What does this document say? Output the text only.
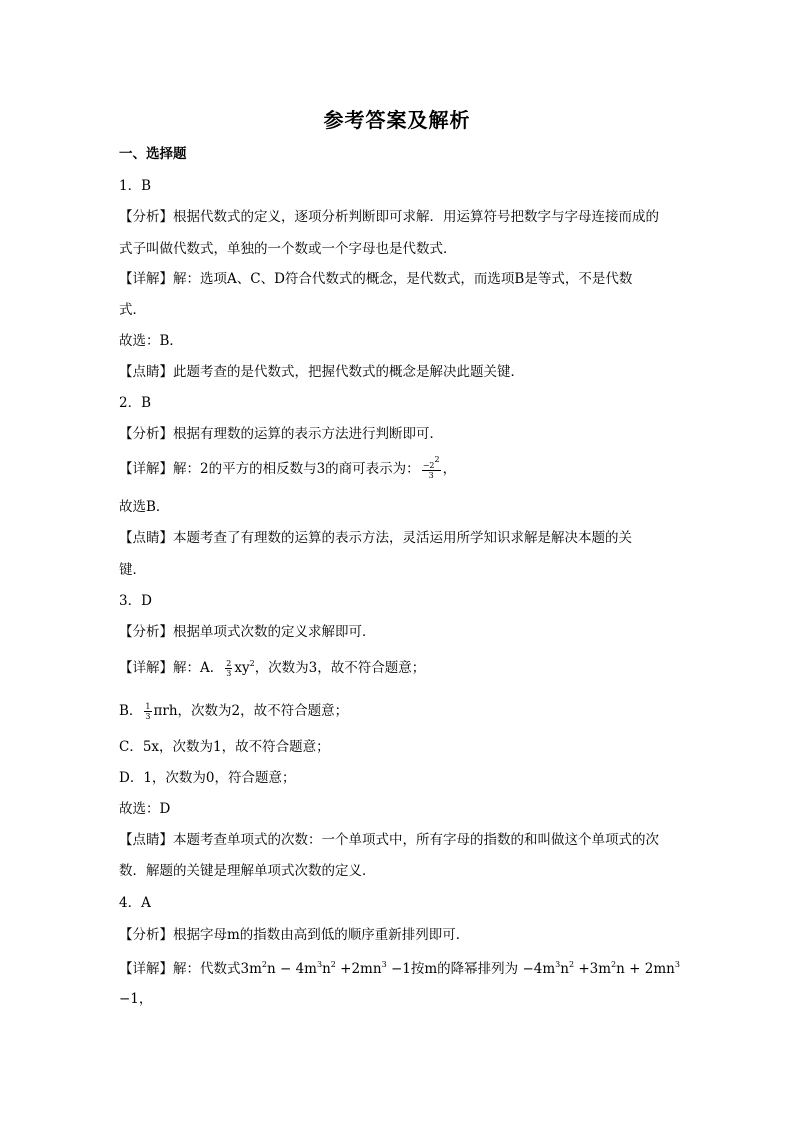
参考答案及解析
一、选择题
1．B
【分析】根据代数式的定义，逐项分析判断即可求解．用运算符号把数字与字母连接而成的
式子叫做代数式，单独的一个数或一个字母也是代数式．
【详解】解：选项A、C、D符合代数式的概念，是代数式，而选项B是等式，不是代数
式．
故选：B．
【点睛】此题考查的是代数式，把握代数式的概念是解决此题关键．
2．B
【分析】根据有理数的运算的表示方法进行判断即可．
【详解】解：2的平方的相反数与3的商可表示为： $\frac{-2^2}{3}$ ，
故选B．
【点睛】本题考查了有理数的运算的表示方法，灵活运用所学知识求解是解决本题的关
键．
3．D
【分析】根据单项式次数的定义求解即可．
【详解】解：A． $\frac{2}{3} xy^2$，次数为3，故不符合题意；
B． $\frac{1}{3}$ πrh，次数为2，故不符合题意；
C．5x，次数为1，故不符合题意；
D．1，次数为0，符合题意；
故选：D
【点睛】本题考查单项式的次数：一个单项式中，所有字母的指数的和叫做这个单项式的次
数．解题的关键是理解单项式次数的定义．
4．A
【分析】根据字母m的指数由高到低的顺序重新排列即可．
【详解】解：代数式$3m^2n - 4m^3n^2 +2mn^3 -1$按m的降幂排列为 $-4m^3n^2 +3m^2n + 2mn^3$
−1，
